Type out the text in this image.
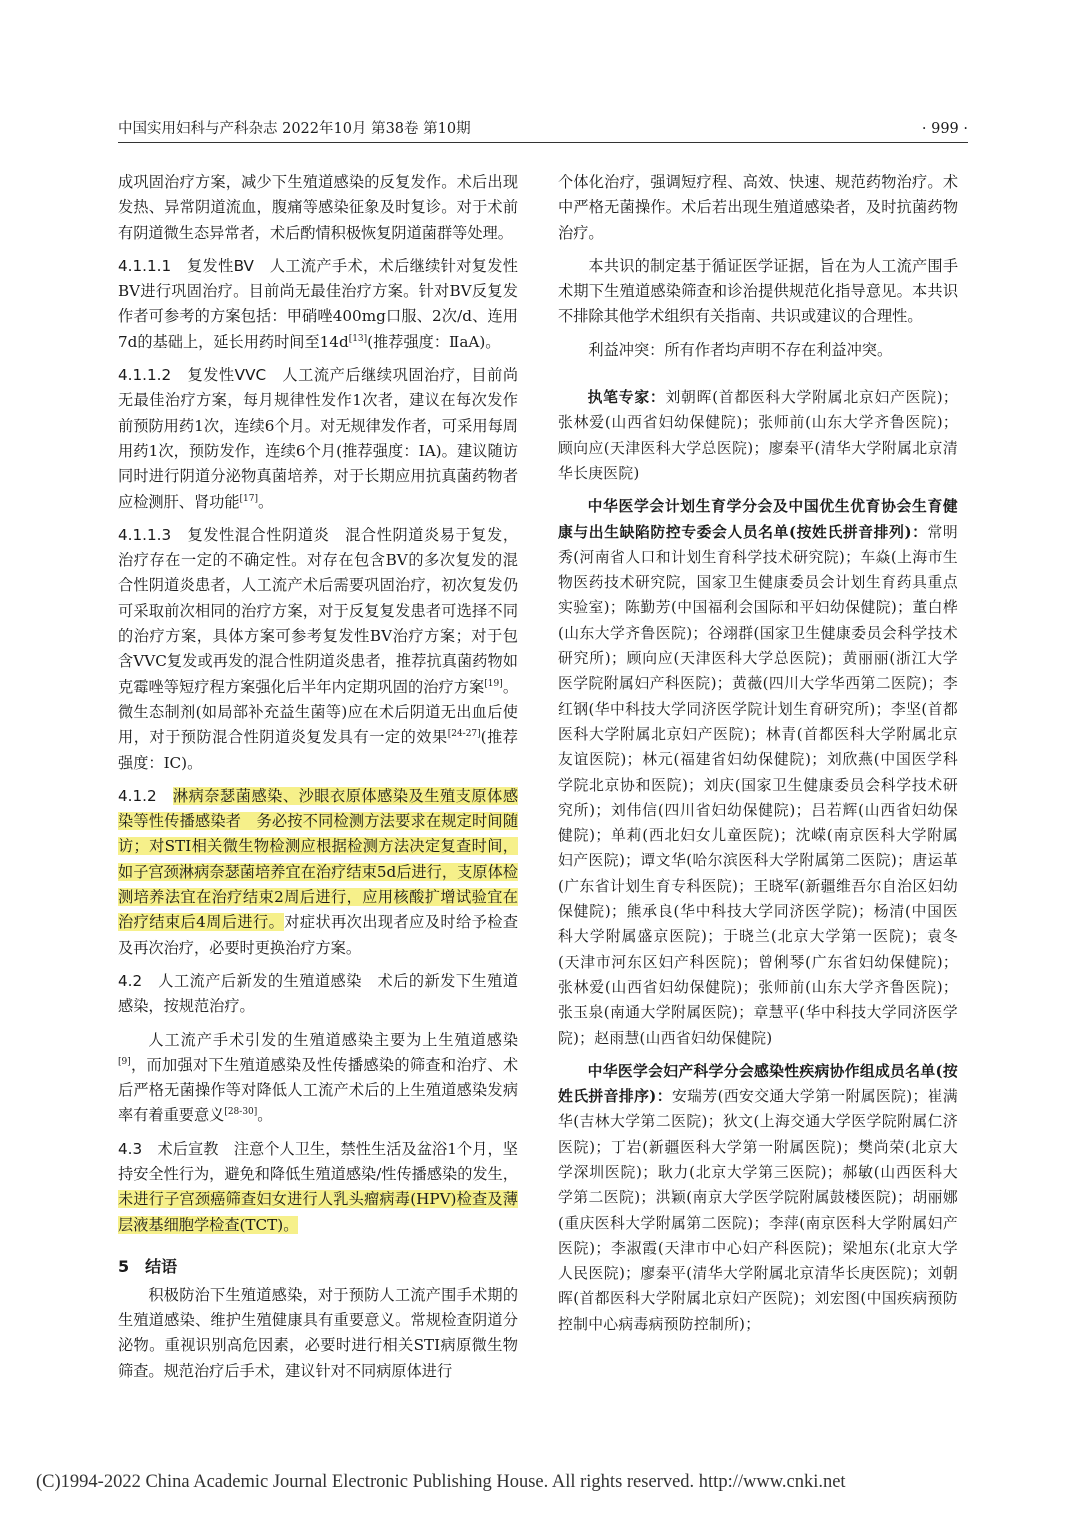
中国实用妇科与产科杂志 2022年10月 第38卷 第10期	· 999 ·

成巩固治疗方案，减少下生殖道感染的反复发作。术后出现发热、异常阴道流血，腹痛等感染征象及时复诊。对于术前有阴道微生态异常者，术后酌情积极恢复阴道菌群等处理。

4.1.1.1　复发性BV　人工流产手术，术后继续针对复发性BV进行巩固治疗。目前尚无最佳治疗方案。针对BV反复发作者可参考的方案包括：甲硝唑400mg口服、2次/d、连用7d的基础上，延长用药时间至14d[13](推荐强度：ⅡaA)。

4.1.1.2　复发性VVC　人工流产后继续巩固治疗，目前尚无最佳治疗方案，每月规律性发作1次者，建议在每次发作前预防用药1次，连续6个月。对无规律发作者，可采用每周用药1次，预防发作，连续6个月(推荐强度：ⅠA)。建议随访同时进行阴道分泌物真菌培养，对于长期应用抗真菌药物者应检测肝、肾功能[17]。

4.1.1.3　复发性混合性阴道炎　混合性阴道炎易于复发，治疗存在一定的不确定性。对存在包含BV的多次复发的混合性阴道炎患者，人工流产术后需要巩固治疗，初次复发仍可采取前次相同的治疗方案，对于反复复发患者可选择不同的治疗方案，具体方案可参考复发性BV治疗方案；对于包含VVC复发或再发的混合性阴道炎患者，推荐抗真菌药物如克霉唑等短疗程方案强化后半年内定期巩固的治疗方案[19]。微生态制剂(如局部补充益生菌等)应在术后阴道无出血后使用，对于预防混合性阴道炎复发具有一定的效果[24-27](推荐强度：ⅠC)。

4.1.2　淋病奈瑟菌感染、沙眼衣原体感染及生殖支原体感染等性传播感染者　务必按不同检测方法要求在规定时间随访；对STI相关微生物检测应根据检测方法决定复查时间，如子宫颈淋病奈瑟菌培养宜在治疗结束5d后进行，支原体检测培养法宜在治疗结束2周后进行，应用核酸扩增试验宜在治疗结束后4周后进行。对症状再次出现者应及时给予检查及再次治疗，必要时更换治疗方案。

4.2　人工流产后新发的生殖道感染　术后的新发下生殖道感染，按规范治疗。

人工流产手术引发的生殖道感染主要为上生殖道感染[9]，而加强对下生殖道感染及性传播感染的筛查和治疗、术后严格无菌操作等对降低人工流产术后的上生殖道感染发病率有着重要意义[28-30]。

4.3　术后宣教　注意个人卫生，禁性生活及盆浴1个月，坚持安全性行为，避免和降低生殖道感染/性传播感染的发生，未进行子宫颈癌筛查妇女进行人乳头瘤病毒(HPV)检查及薄层液基细胞学检查(TCT)。

5　结语

积极防治下生殖道感染，对于预防人工流产围手术期的生殖道感染、维护生殖健康具有重要意义。常规检查阴道分泌物。重视识别高危因素，必要时进行相关STI病原微生物筛查。规范治疗后手术，建议针对不同病原体进行

个体化治疗，强调短疗程、高效、快速、规范药物治疗。术中严格无菌操作。术后若出现生殖道感染者，及时抗菌药物治疗。

本共识的制定基于循证医学证据，旨在为人工流产围手术期下生殖道感染筛查和诊治提供规范化指导意见。本共识不排除其他学术组织有关指南、共识或建议的合理性。

利益冲突：所有作者均声明不存在利益冲突。

执笔专家：刘朝晖(首都医科大学附属北京妇产医院)；张林爱(山西省妇幼保健院)；张师前(山东大学齐鲁医院)；顾向应(天津医科大学总医院)；廖秦平(清华大学附属北京清华长庚医院)

中华医学会计划生育学分会及中国优生优育协会生育健康与出生缺陷防控专委会人员名单(按姓氏拼音排列)：常明秀(河南省人口和计划生育科学技术研究院)；车焱(上海市生物医药技术研究院，国家卫生健康委员会计划生育药具重点实验室)；陈勤芳(中国福利会国际和平妇幼保健院)；董白桦(山东大学齐鲁医院)；谷翊群(国家卫生健康委员会科学技术研究所)；顾向应(天津医科大学总医院)；黄丽丽(浙江大学医学院附属妇产科医院)；黄薇(四川大学华西第二医院)；李红钢(华中科技大学同济医学院计划生育研究所)；李坚(首都医科大学附属北京妇产医院)；林青(首都医科大学附属北京友谊医院)；林元(福建省妇幼保健院)；刘欣燕(中国医学科学院北京协和医院)；刘庆(国家卫生健康委员会科学技术研究所)；刘伟信(四川省妇幼保健院)；吕若辉(山西省妇幼保健院)；单莉(西北妇女儿童医院)；沈嵘(南京医科大学附属妇产医院)；谭文华(哈尔滨医科大学附属第二医院)；唐运革(广东省计划生育专科医院)；王晓军(新疆维吾尔自治区妇幼保健院)；熊承良(华中科技大学同济医学院)；杨清(中国医科大学附属盛京医院)；于晓兰(北京大学第一医院)；袁冬(天津市河东区妇产科医院)；曾俐琴(广东省妇幼保健院)；张林爱(山西省妇幼保健院)；张师前(山东大学齐鲁医院)；张玉泉(南通大学附属医院)；章慧平(华中科技大学同济医学院)；赵雨慧(山西省妇幼保健院)

中华医学会妇产科学分会感染性疾病协作组成员名单(按姓氏拼音排序)：安瑞芳(西安交通大学第一附属医院)；崔满华(吉林大学第二医院)；狄文(上海交通大学医学院附属仁济医院)；丁岩(新疆医科大学第一附属医院)；樊尚荣(北京大学深圳医院)；耿力(北京大学第三医院)；郝敏(山西医科大学第二医院)；洪颖(南京大学医学院附属鼓楼医院)；胡丽娜(重庆医科大学附属第二医院)；李萍(南京医科大学附属妇产医院)；李淑霞(天津市中心妇产科医院)；梁旭东(北京大学人民医院)；廖秦平(清华大学附属北京清华长庚医院)；刘朝晖(首都医科大学附属北京妇产医院)；刘宏图(中国疾病预防控制中心病毒病预防控制所)；

(C)1994-2022 China Academic Journal Electronic Publishing House. All rights reserved. http://www.cnki.net
